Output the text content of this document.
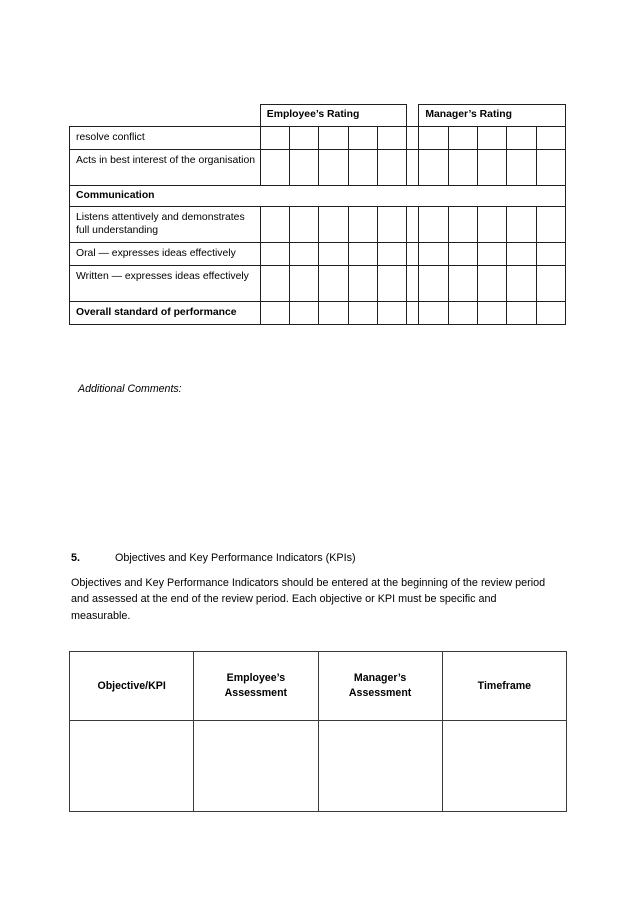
	Employee’s Rating						Manager’s Rating				
resolve conflict											
Acts in best interest of the organisation											
Communication											
Listens attentively and demonstrates full understanding											
Oral — expresses ideas effectively											
Written — expresses ideas effectively											
Overall standard of performance											
Additional Comments:
5.	Objectives and Key Performance Indicators (KPIs)
Objectives and Key Performance Indicators should be entered at the beginning of the review period and assessed at the end of the review period. Each objective or KPI must be specific and measurable.
Objective/KPI	Employee’s Assessment	Manager’s Assessment	Timeframe
